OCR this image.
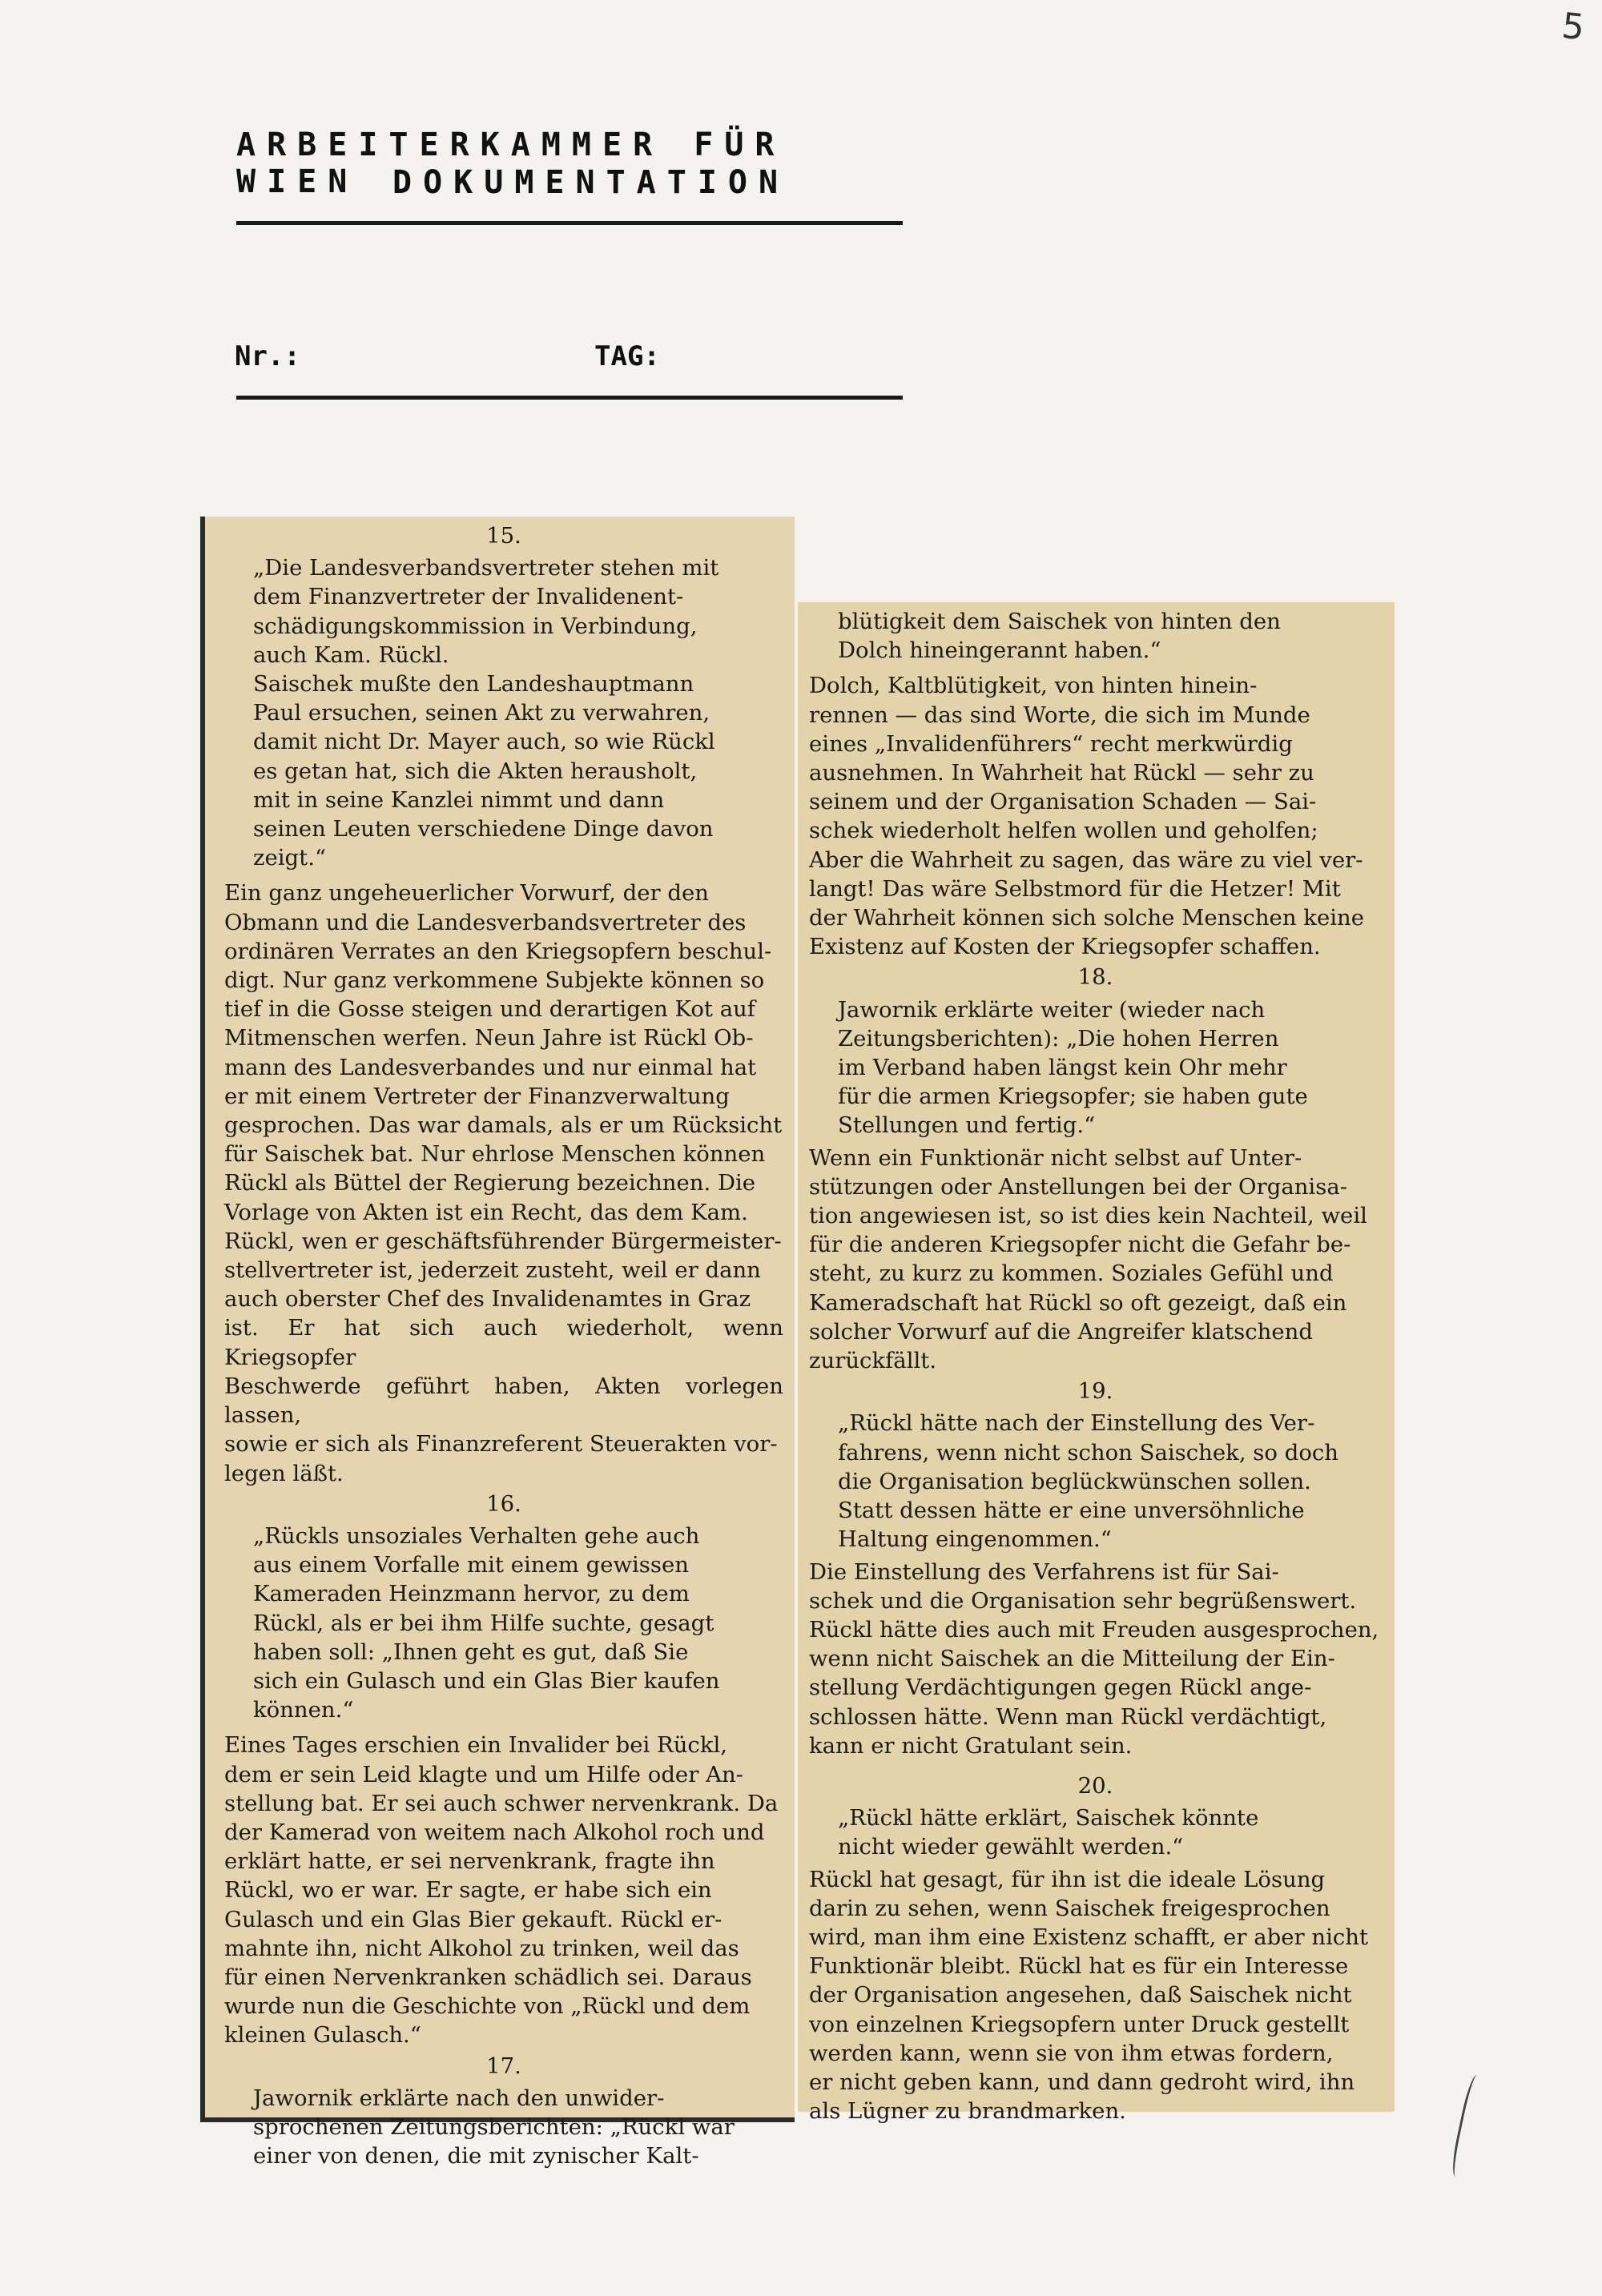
5
ARBEITERKAMMER FÜR WIEN	DOKUMENTATION
Nr.:	TAG:

15.

„Die Landesverbandsvertreter stehen mit
dem Finanzvertreter der Invalidenent-
schädigungskommission in Verbindung,
auch Kam. Rückl.
Saischek mußte den Landeshauptmann
Paul ersuchen, seinen Akt zu verwahren,
damit nicht Dr. Mayer auch, so wie Rückl
es getan hat, sich die Akten herausholt,
mit in seine Kanzlei nimmt und dann
seinen Leuten verschiedene Dinge davon
zeigt.“

Ein ganz ungeheuerlicher Vorwurf, der den
Obmann und die Landesverbandsvertreter des
ordinären Verrates an den Kriegsopfern beschul-
digt. Nur ganz verkommene Subjekte können so
tief in die Gosse steigen und derartigen Kot auf
Mitmenschen werfen. Neun Jahre ist Rückl Ob-
mann des Landesverbandes und nur einmal hat
er mit einem Vertreter der Finanzverwaltung
gesprochen. Das war damals, als er um Rücksicht
für Saischek bat. Nur ehrlose Menschen können
Rückl als Büttel der Regierung bezeichnen. Die
Vorlage von Akten ist ein Recht, das dem Kam.
Rückl, wen er geschäftsführender Bürgermeister-
stellvertreter ist, jederzeit zusteht, weil er dann
auch oberster Chef des Invalidenamtes in Graz
ist. Er hat sich auch wiederholt, wenn Kriegsopfer
Beschwerde geführt haben, Akten vorlegen lassen,
sowie er sich als Finanzreferent Steuerakten vor-
legen läßt.

16.

„Rückls unsoziales Verhalten gehe auch
aus einem Vorfalle mit einem gewissen
Kameraden Heinzmann hervor, zu dem
Rückl, als er bei ihm Hilfe suchte, gesagt
haben soll: „Ihnen geht es gut, daß Sie
sich ein Gulasch und ein Glas Bier kaufen
können.“

Eines Tages erschien ein Invalider bei Rückl,
dem er sein Leid klagte und um Hilfe oder An-
stellung bat. Er sei auch schwer nervenkrank. Da
der Kamerad von weitem nach Alkohol roch und
erklärt hatte, er sei nervenkrank, fragte ihn
Rückl, wo er war. Er sagte, er habe sich ein
Gulasch und ein Glas Bier gekauft. Rückl er-
mahnte ihn, nicht Alkohol zu trinken, weil das
für einen Nervenkranken schädlich sei. Daraus
wurde nun die Geschichte von „Rückl und dem
kleinen Gulasch.“

17.

Jawornik erklärte nach den unwider-
sprochenen Zeitungsberichten: „Rückl war
einer von denen, die mit zynischer Kalt-

blütigkeit dem Saischek von hinten den
Dolch hineingerannt haben.“

Dolch, Kaltblütigkeit, von hinten hinein-
rennen — das sind Worte, die sich im Munde
eines „Invalidenführers“ recht merkwürdig
ausnehmen. In Wahrheit hat Rückl — sehr zu
seinem und der Organisation Schaden — Sai-
schek wiederholt helfen wollen und geholfen;
Aber die Wahrheit zu sagen, das wäre zu viel ver-
langt! Das wäre Selbstmord für die Hetzer! Mit
der Wahrheit können sich solche Menschen keine
Existenz auf Kosten der Kriegsopfer schaffen.

18.

Jawornik erklärte weiter (wieder nach
Zeitungsberichten): „Die hohen Herren
im Verband haben längst kein Ohr mehr
für die armen Kriegsopfer; sie haben gute
Stellungen und fertig.“

Wenn ein Funktionär nicht selbst auf Unter-
stützungen oder Anstellungen bei der Organisa-
tion angewiesen ist, so ist dies kein Nachteil, weil
für die anderen Kriegsopfer nicht die Gefahr be-
steht, zu kurz zu kommen. Soziales Gefühl und
Kameradschaft hat Rückl so oft gezeigt, daß ein
solcher Vorwurf auf die Angreifer klatschend
zurückfällt.

19.

„Rückl hätte nach der Einstellung des Ver-
fahrens, wenn nicht schon Saischek, so doch
die Organisation beglückwünschen sollen.
Statt dessen hätte er eine unversöhnliche
Haltung eingenommen.“

Die Einstellung des Verfahrens ist für Sai-
schek und die Organisation sehr begrüßenswert.
Rückl hätte dies auch mit Freuden ausgesprochen,
wenn nicht Saischek an die Mitteilung der Ein-
stellung Verdächtigungen gegen Rückl ange-
schlossen hätte. Wenn man Rückl verdächtigt,
kann er nicht Gratulant sein.

20.

„Rückl hätte erklärt, Saischek könnte
nicht wieder gewählt werden.“

Rückl hat gesagt, für ihn ist die ideale Lösung
darin zu sehen, wenn Saischek freigesprochen
wird, man ihm eine Existenz schafft, er aber nicht
Funktionär bleibt. Rückl hat es für ein Interesse
der Organisation angesehen, daß Saischek nicht
von einzelnen Kriegsopfern unter Druck gestellt
werden kann, wenn sie von ihm etwas fordern,
er nicht geben kann, und dann gedroht wird, ihn
als Lügner zu brandmarken.
